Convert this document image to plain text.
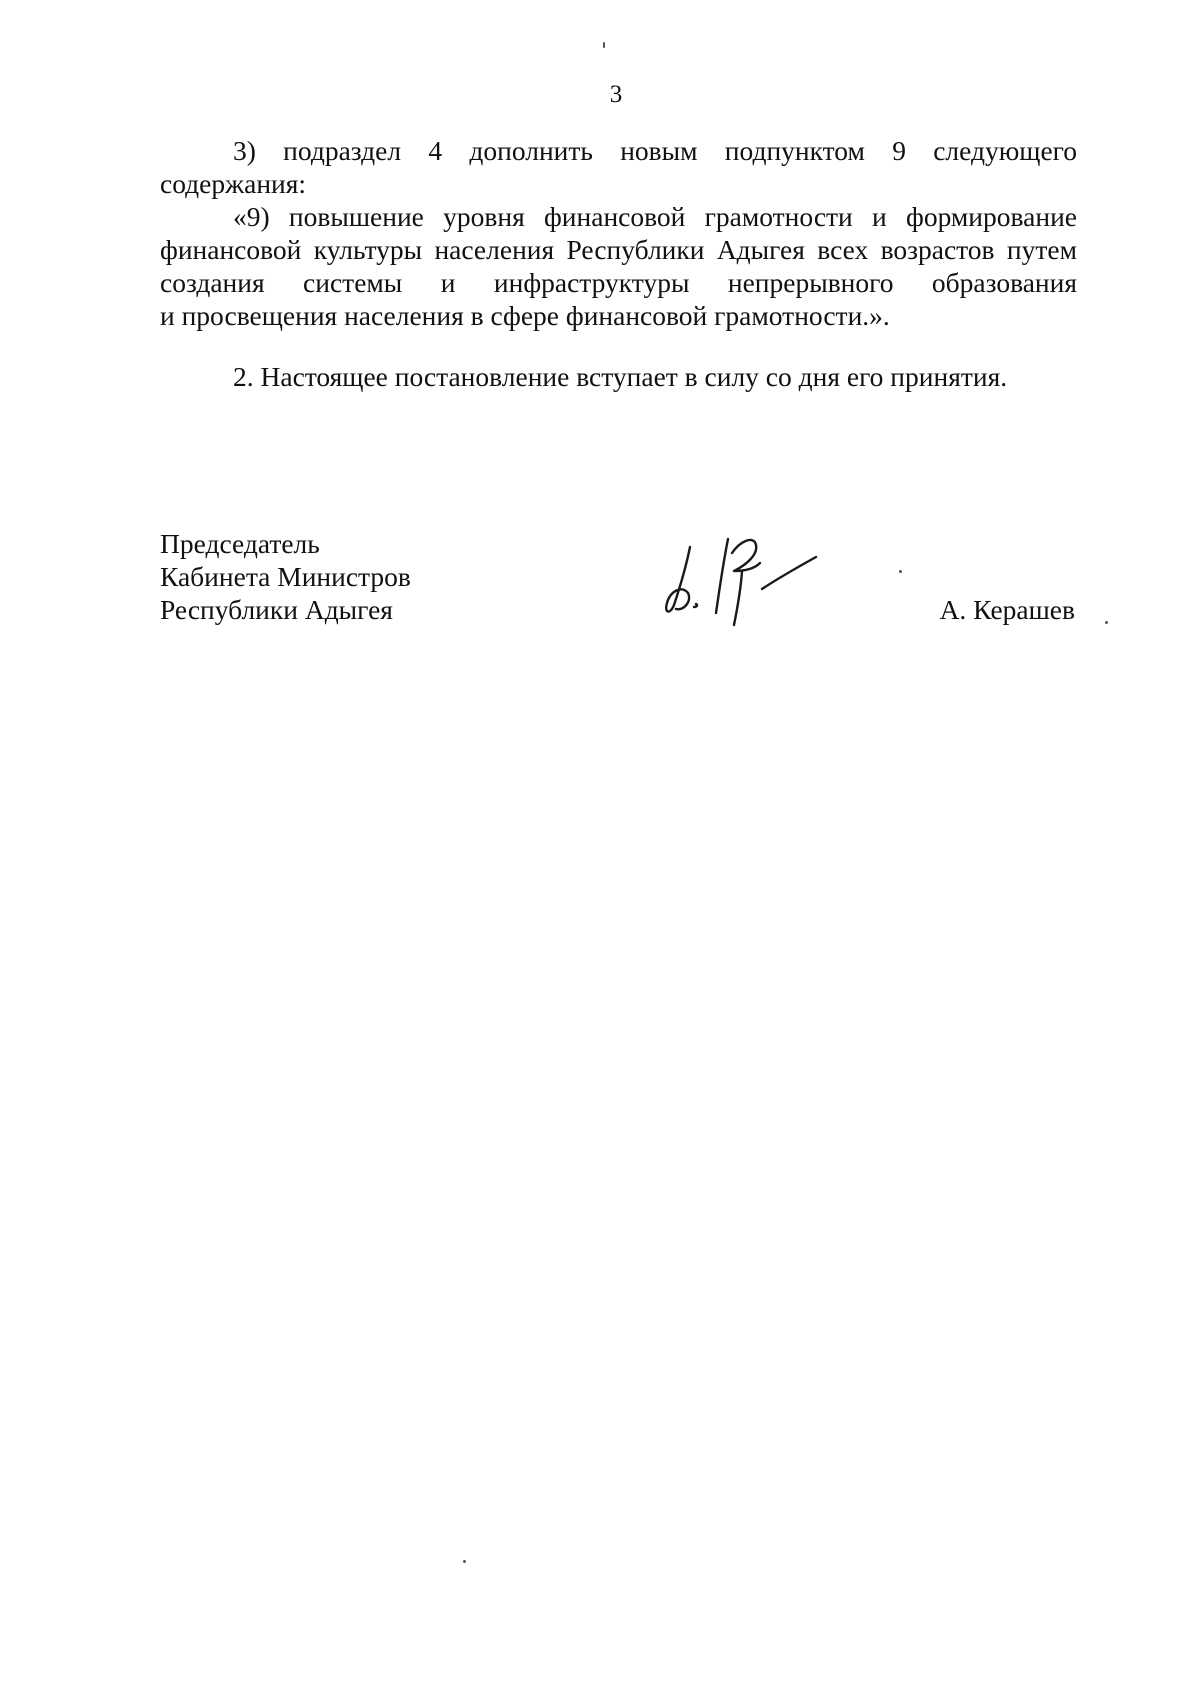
3

3) подраздел 4 дополнить новым подпунктом 9 следующего

содержания:

«9) повышение уровня финансовой грамотности и формирование

финансовой культуры населения Республики Адыгея всех возрастов путем

создания системы и инфраструктуры непрерывного образования

и просвещения населения в сфере финансовой грамотности.».

2. Настоящее постановление вступает в силу со дня его принятия.

Председатель
Кабинета Министров
Республики Адыгея	А. Керашев
